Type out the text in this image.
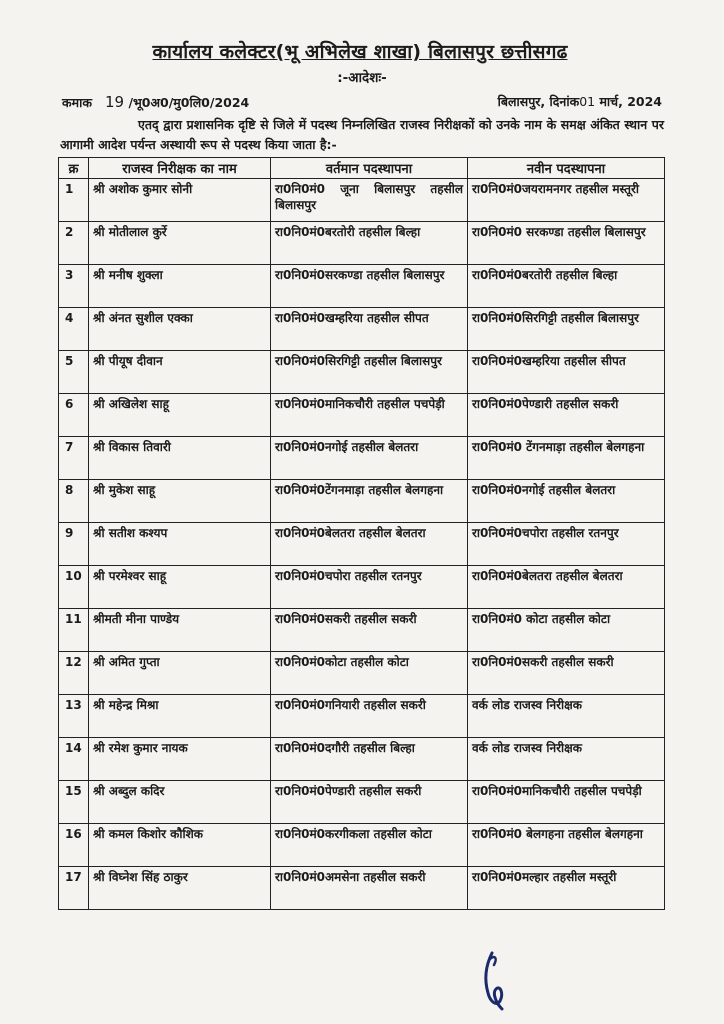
कार्यालय कलेक्टर(भू अभिलेख शाखा) बिलासपुर छत्तीसगढ
:-आदेशः-
कमाक 19 /भू0अ0/मु0लि0/2024	बिलासपुर, दिनांक01 मार्च, 2024
एतद् द्वारा प्रशासनिक दृष्टि से जिले में पदस्थ निम्नलिखित राजस्व निरीक्षकों को उनके नाम के समक्ष अंकित स्थान पर आगामी आदेश पर्यन्त अस्थायी रूप से पदस्थ किया जाता है:-
क्र	राजस्व निरीक्षक का नाम	वर्तमान पदस्थापना	नवीन पदस्थापना
1	श्री अशोक कुमार सोनी	रा0नि0मं0 जूना बिलासपुर तहसील बिलासपुर	रा0नि0मं0जयरामनगर तहसील मस्तूरी
2	श्री मोतीलाल कुर्रे	रा0नि0मं0बरतोरी तहसील बिल्हा	रा0नि0मं0 सरकण्डा तहसील बिलासपुर
3	श्री मनीष शुक्ला	रा0नि0मं0सरकण्डा तहसील बिलासपुर	रा0नि0मं0बरतोरी तहसील बिल्हा
4	श्री अंनत सुशील एक्का	रा0नि0मं0खम्हरिया तहसील सीपत	रा0नि0मं0सिरगिट्टी तहसील बिलासपुर
5	श्री पीयूष दीवान	रा0नि0मं0सिरगिट्टी तहसील बिलासपुर	रा0नि0मं0खम्हरिया तहसील सीपत
6	श्री अखिलेश साहू	रा0नि0मं0मानिकचौरी तहसील पचपेड़ी	रा0नि0मं0पेण्डारी तहसील सकरी
7	श्री विकास तिवारी	रा0नि0मं0नगोई तहसील बेलतरा	रा0नि0मं0 टेंगनमाड़ा तहसील बेलगहना
8	श्री मुकेश साहू	रा0नि0मं0टेंगनमाड़ा तहसील बेलगहना	रा0नि0मं0नगोई तहसील बेलतरा
9	श्री सतीश कश्यप	रा0नि0मं0बेलतरा तहसील बेलतरा	रा0नि0मं0चपोरा तहसील रतनपुर
10	श्री परमेश्वर साहू	रा0नि0मं0चपोरा तहसील रतनपुर	रा0नि0मं0बेलतरा तहसील बेलतरा
11	श्रीमती मीना पाण्डेय	रा0नि0मं0सकरी तहसील सकरी	रा0नि0मं0 कोटा तहसील कोटा
12	श्री अमित गुप्ता	रा0नि0मं0कोटा तहसील कोटा	रा0नि0मं0सकरी तहसील सकरी
13	श्री महेन्द्र मिश्रा	रा0नि0मं0गनियारी तहसील सकरी	वर्क लोड राजस्व निरीक्षक
14	श्री रमेश कुमार नायक	रा0नि0मं0दगौरी तहसील बिल्हा	वर्क लोड राजस्व निरीक्षक
15	श्री अब्दुल कदिर	रा0नि0मं0पेण्डारी तहसील सकरी	रा0नि0मं0मानिकचौरी तहसील पचपेड़ी
16	श्री कमल किशोर कौशिक	रा0नि0मं0करगीकला तहसील कोटा	रा0नि0मं0 बेलगहना तहसील बेलगहना
17	श्री विघ्नेश सिंह ठाकुर	रा0नि0मं0अमसेना तहसील सकरी	रा0नि0मं0मल्हार तहसील मस्तूरी
